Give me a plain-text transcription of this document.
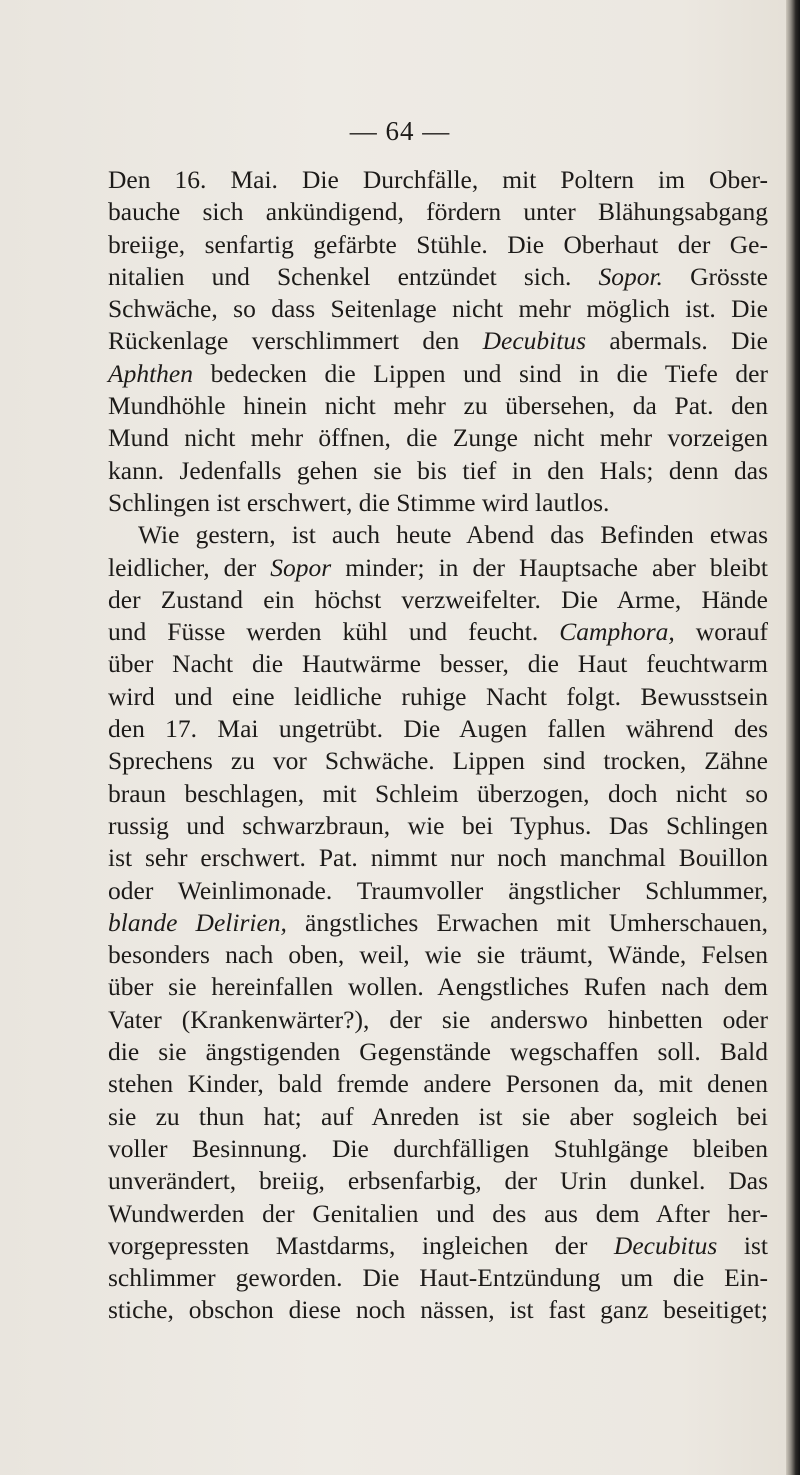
— 64 —
Den 16. Mai. Die Durchfälle, mit Poltern im Ober-
bauche sich ankündigend, fördern unter Blähungsabgang
breiige, senfartig gefärbte Stühle. Die Oberhaut der Ge-
nitalien und Schenkel entzündet sich. Sopor. Grösste
Schwäche, so dass Seitenlage nicht mehr möglich ist. Die
Rückenlage verschlimmert den Decubitus abermals. Die
Aphthen bedecken die Lippen und sind in die Tiefe der
Mundhöhle hinein nicht mehr zu übersehen, da Pat. den
Mund nicht mehr öffnen, die Zunge nicht mehr vorzeigen
kann. Jedenfalls gehen sie bis tief in den Hals; denn das
Schlingen ist erschwert, die Stimme wird lautlos.
Wie gestern, ist auch heute Abend das Befinden etwas
leidlicher, der Sopor minder; in der Hauptsache aber bleibt
der Zustand ein höchst verzweifelter. Die Arme, Hände
und Füsse werden kühl und feucht. Camphora, worauf
über Nacht die Hautwärme besser, die Haut feuchtwarm
wird und eine leidliche ruhige Nacht folgt. Bewusstsein
den 17. Mai ungetrübt. Die Augen fallen während des
Sprechens zu vor Schwäche. Lippen sind trocken, Zähne
braun beschlagen, mit Schleim überzogen, doch nicht so
russig und schwarzbraun, wie bei Typhus. Das Schlingen
ist sehr erschwert. Pat. nimmt nur noch manchmal Bouillon
oder Weinlimonade. Traumvoller ängstlicher Schlummer,
blande Delirien, ängstliches Erwachen mit Umherschauen,
besonders nach oben, weil, wie sie träumt, Wände, Felsen
über sie hereinfallen wollen. Aengstliches Rufen nach dem
Vater (Krankenwärter?), der sie anderswo hinbetten oder
die sie ängstigenden Gegenstände wegschaffen soll. Bald
stehen Kinder, bald fremde andere Personen da, mit denen
sie zu thun hat; auf Anreden ist sie aber sogleich bei
voller Besinnung. Die durchfälligen Stuhlgänge bleiben
unverändert, breiig, erbsenfarbig, der Urin dunkel. Das
Wundwerden der Genitalien und des aus dem After her-
vorgepressten Mastdarms, ingleichen der Decubitus ist
schlimmer geworden. Die Haut-Entzündung um die Ein-
stiche, obschon diese noch nässen, ist fast ganz beseitiget;
